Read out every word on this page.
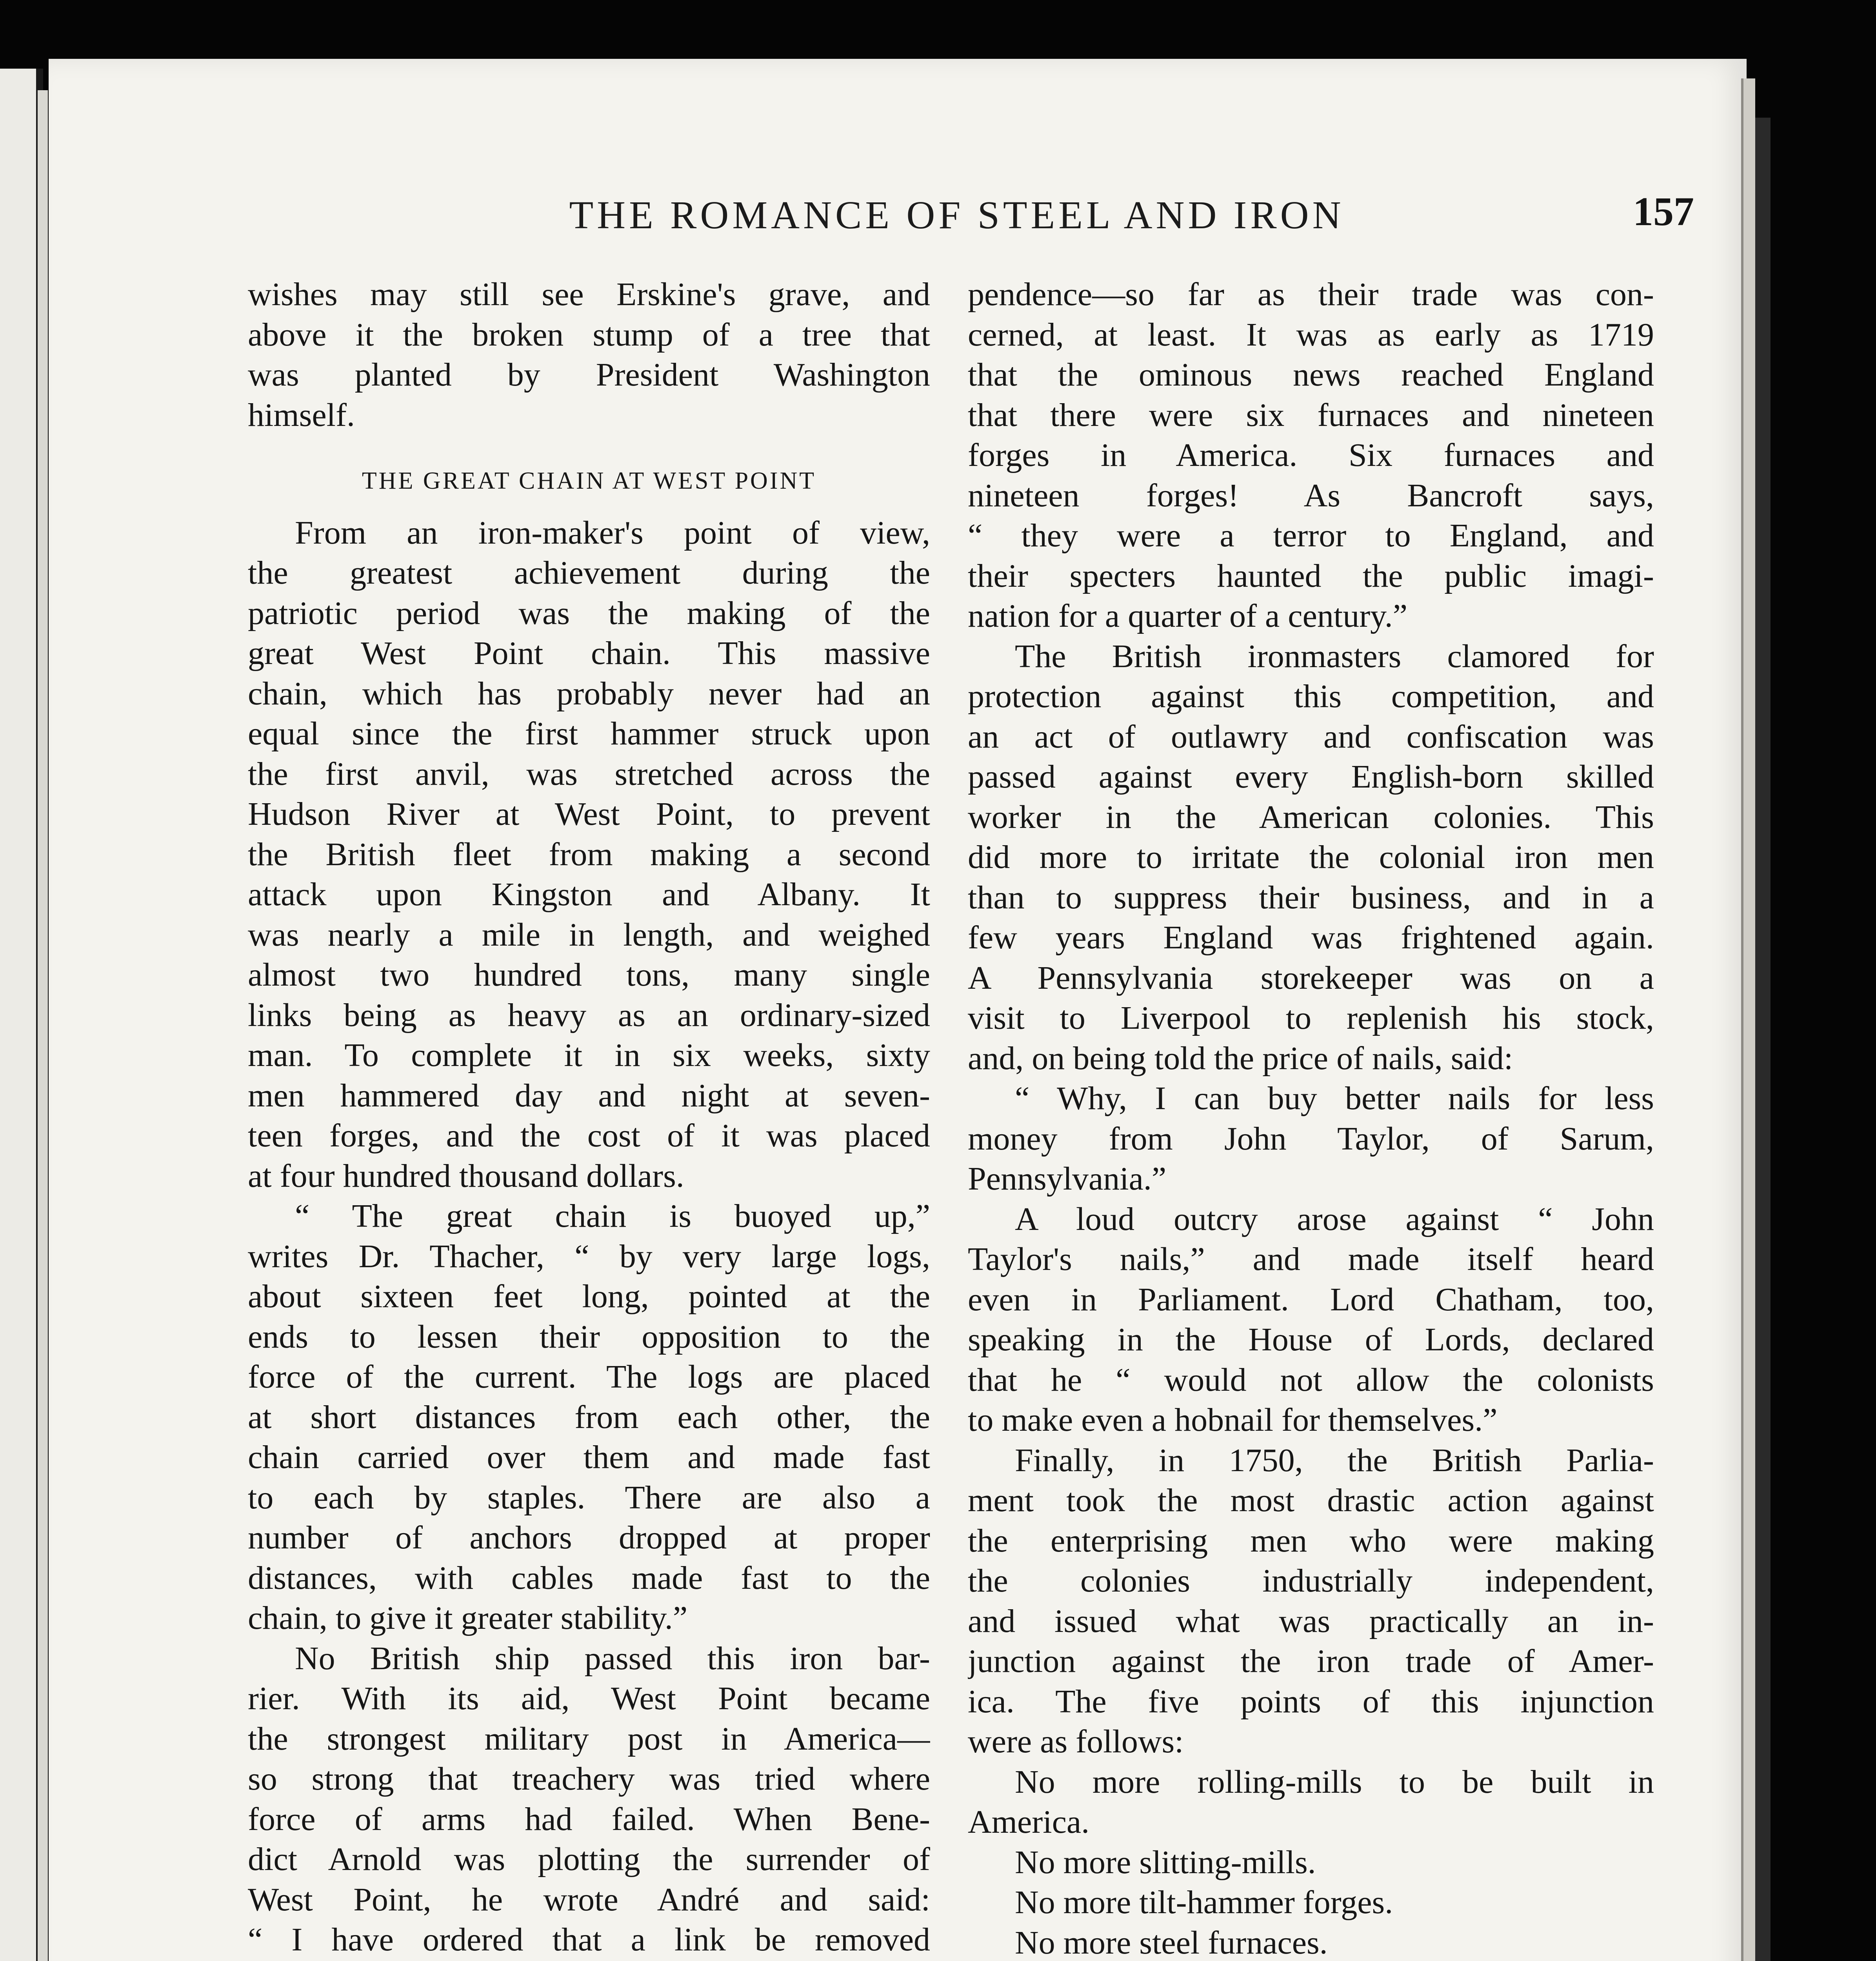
THE ROMANCE OF STEEL AND IRON	157
wishes may still see Erskine's grave, and
above it the broken stump of a tree that
was planted by President Washington
himself.
THE GREAT CHAIN AT WEST POINT
From an iron-maker's point of view,
the greatest achievement during the
patriotic period was the making of the
great West Point chain. This massive
chain, which has probably never had an
equal since the first hammer struck upon
the first anvil, was stretched across the
Hudson River at West Point, to prevent
the British fleet from making a second
attack upon Kingston and Albany. It
was nearly a mile in length, and weighed
almost two hundred tons, many single
links being as heavy as an ordinary-sized
man. To complete it in six weeks, sixty
men hammered day and night at seven-
teen forges, and the cost of it was placed
at four hundred thousand dollars.
“ The great chain is buoyed up,”
writes Dr. Thacher, “ by very large logs,
about sixteen feet long, pointed at the
ends to lessen their opposition to the
force of the current. The logs are placed
at short distances from each other, the
chain carried over them and made fast
to each by staples. There are also a
number of anchors dropped at proper
distances, with cables made fast to the
chain, to give it greater stability.”
No British ship passed this iron bar-
rier. With its aid, West Point became
the strongest military post in America—
so strong that treachery was tried where
force of arms had failed. When Bene-
dict Arnold was plotting the surrender of
West Point, he wrote André and said:
“ I have ordered that a link be removed
pendence—so far as their trade was con-
cerned, at least. It was as early as 1719
that the ominous news reached England
that there were six furnaces and nineteen
forges in America. Six furnaces and
nineteen forges! As Bancroft says,
“ they were a terror to England, and
their specters haunted the public imagi-
nation for a quarter of a century.”
The British ironmasters clamored for
protection against this competition, and
an act of outlawry and confiscation was
passed against every English-born skilled
worker in the American colonies. This
did more to irritate the colonial iron men
than to suppress their business, and in a
few years England was frightened again.
A Pennsylvania storekeeper was on a
visit to Liverpool to replenish his stock,
and, on being told the price of nails, said:
“ Why, I can buy better nails for less
money from John Taylor, of Sarum,
Pennsylvania.”
A loud outcry arose against “ John
Taylor's nails,” and made itself heard
even in Parliament. Lord Chatham, too,
speaking in the House of Lords, declared
that he “ would not allow the colonists
to make even a hobnail for themselves.”
Finally, in 1750, the British Parlia-
ment took the most drastic action against
the enterprising men who were making
the colonies industrially independent,
and issued what was practically an in-
junction against the iron trade of Amer-
ica. The five points of this injunction
were as follows:
No more rolling-mills to be built in
America.
No more slitting-mills.
No more tilt-hammer forges.
No more steel furnaces.
